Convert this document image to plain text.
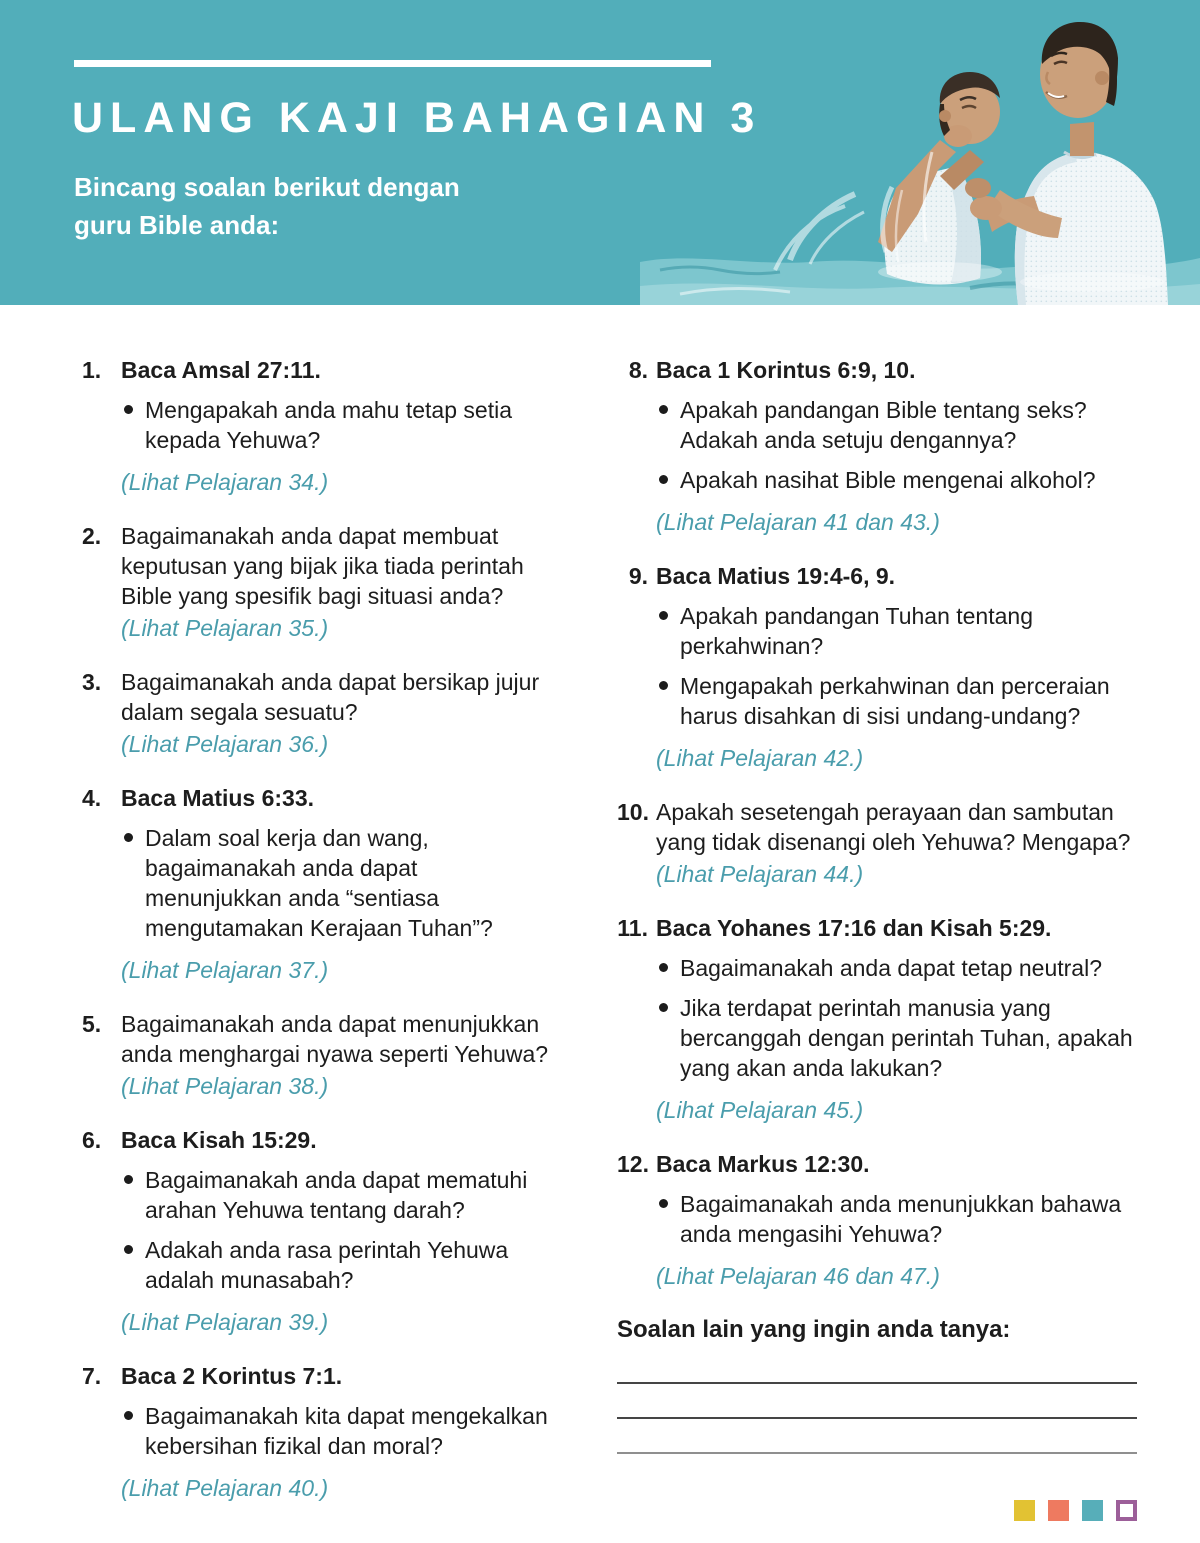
ULANG KAJI BAHAGIAN 3
Bincang soalan berikut dengan
guru Bible anda:
1. Baca Amsal 27:11.
Mengapakah anda mahu tetap setia kepada Yehuwa?
(Lihat Pelajaran 34.)
2. Bagaimanakah anda dapat membuat keputusan yang bijak jika tiada perintah Bible yang spesifik bagi situasi anda?
(Lihat Pelajaran 35.)
3. Bagaimanakah anda dapat bersikap jujur dalam segala sesuatu?
(Lihat Pelajaran 36.)
4. Baca Matius 6:33.
Dalam soal kerja dan wang, bagaimanakah anda dapat menunjukkan anda “sentiasa mengutamakan Kerajaan Tuhan”?
(Lihat Pelajaran 37.)
5. Bagaimanakah anda dapat menunjukkan anda menghargai nyawa seperti Yehuwa?
(Lihat Pelajaran 38.)
6. Baca Kisah 15:29.
Bagaimanakah anda dapat mematuhi arahan Yehuwa tentang darah?
Adakah anda rasa perintah Yehuwa adalah munasabah?
(Lihat Pelajaran 39.)
7. Baca 2 Korintus 7:1.
Bagaimanakah kita dapat mengekalkan kebersihan fizikal dan moral?
(Lihat Pelajaran 40.)
8. Baca 1 Korintus 6:9, 10.
Apakah pandangan Bible tentang seks? Adakah anda setuju dengannya?
Apakah nasihat Bible mengenai alkohol?
(Lihat Pelajaran 41 dan 43.)
9. Baca Matius 19:4-6, 9.
Apakah pandangan Tuhan tentang perkahwinan?
Mengapakah perkahwinan dan perceraian harus disahkan di sisi undang-undang?
(Lihat Pelajaran 42.)
10. Apakah sesetengah perayaan dan sambutan yang tidak disenangi oleh Yehuwa? Mengapa?
(Lihat Pelajaran 44.)
11. Baca Yohanes 17:16 dan Kisah 5:29.
Bagaimanakah anda dapat tetap neutral?
Jika terdapat perintah manusia yang bercanggah dengan perintah Tuhan, apakah yang akan anda lakukan?
(Lihat Pelajaran 45.)
12. Baca Markus 12:30.
Bagaimanakah anda menunjukkan bahawa anda mengasihi Yehuwa?
(Lihat Pelajaran 46 dan 47.)
Soalan lain yang ingin anda tanya:
